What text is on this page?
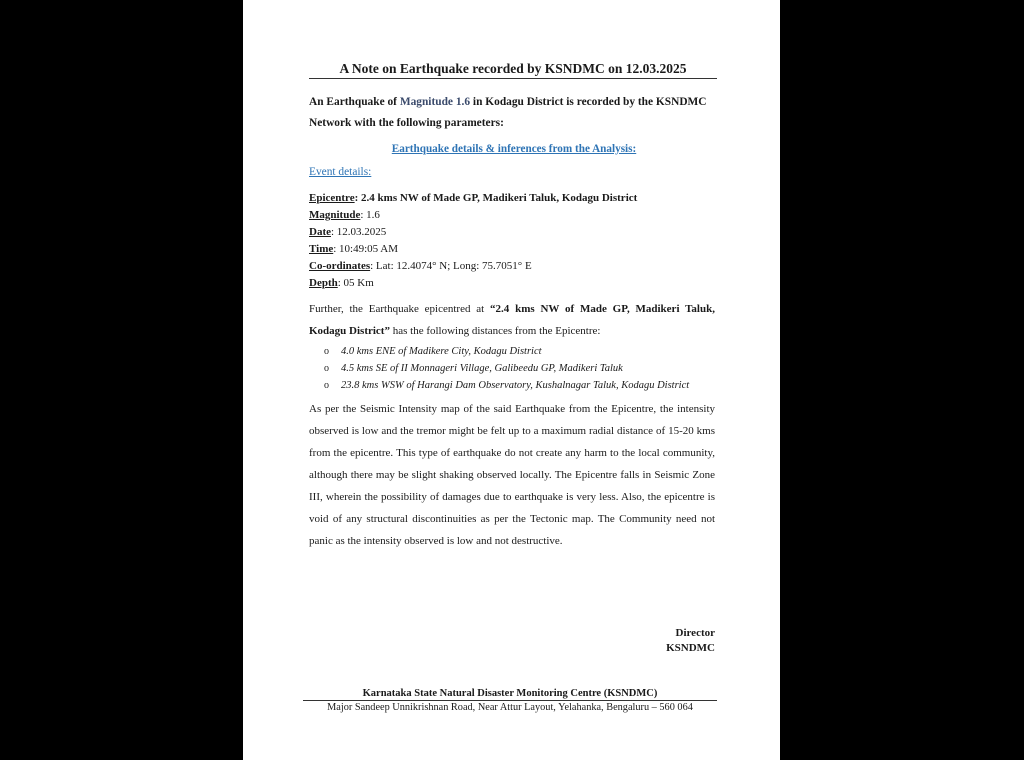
A Note on Earthquake recorded by KSNDMC on 12.03.2025
An Earthquake of Magnitude 1.6 in Kodagu District is recorded by the KSNDMC Network with the following parameters:
Earthquake details & inferences from the Analysis:
Event details:
Epicentre: 2.4 kms NW of Made GP, Madikeri Taluk, Kodagu District
Magnitude: 1.6
Date: 12.03.2025
Time: 10:49:05 AM
Co-ordinates: Lat: 12.4074° N; Long: 75.7051° E
Depth: 05 Km
Further, the Earthquake epicentred at “2.4 kms NW of Made GP, Madikeri Taluk, Kodagu District” has the following distances from the Epicentre:
o 4.0 kms ENE of Madikere City, Kodagu District
o 4.5 kms SE of II Monnageri Village, Galibeedu GP, Madikeri Taluk
o 23.8 kms WSW of Harangi Dam Observatory, Kushalnagar Taluk, Kodagu District
As per the Seismic Intensity map of the said Earthquake from the Epicentre, the intensity observed is low and the tremor might be felt up to a maximum radial distance of 15-20 kms from the epicentre. This type of earthquake do not create any harm to the local community, although there may be slight shaking observed locally. The Epicentre falls in Seismic Zone III, wherein the possibility of damages due to earthquake is very less. Also, the epicentre is void of any structural discontinuities as per the Tectonic map. The Community need not panic as the intensity observed is low and not destructive.
Director
KSNDMC
Karnataka State Natural Disaster Monitoring Centre (KSNDMC)
Major Sandeep Unnikrishnan Road, Near Attur Layout, Yelahanka, Bengaluru – 560 064
